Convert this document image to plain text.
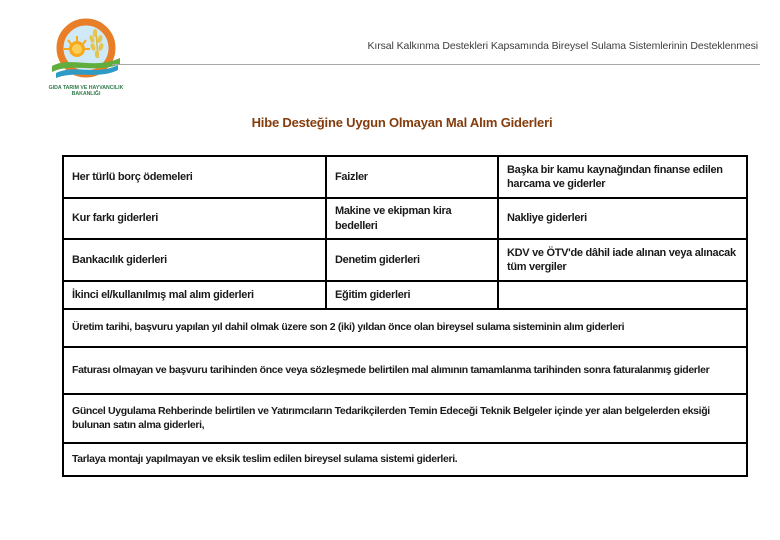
GIDA TARIM VE HAYVANCILIK
BAKANLIĞI
Kırsal Kalkınma Destekleri Kapsamında Bireysel Sulama Sistemlerinin Desteklenmesi
Hibe Desteğine Uygun Olmayan Mal Alım Giderleri
Her türlü borç ödemeleri	Faizler	Başka bir kamu kaynağından finanse edilen harcama ve giderler
Kur farkı giderleri	Makine ve ekipman kira bedelleri	Nakliye giderleri
Bankacılık giderleri	Denetim giderleri	KDV ve ÖTV'de dâhil iade alınan veya alınacak tüm vergiler
İkinci el/kullanılmış mal alım giderleri	Eğitim giderleri	
Üretim tarihi, başvuru yapılan yıl dahil olmak üzere son 2 (iki) yıldan önce olan bireysel sulama sisteminin alım giderleri		
Faturası olmayan ve başvuru tarihinden önce veya sözleşmede belirtilen mal alımının tamamlanma tarihinden sonra faturalanmış giderler		
Güncel Uygulama Rehberinde belirtilen ve Yatırımcıların Tedarikçilerden Temin Edeceği Teknik Belgeler içinde yer alan belgelerden eksiği bulunan satın alma giderleri,		
Tarlaya montajı yapılmayan ve eksik teslim edilen bireysel sulama sistemi giderleri.		
